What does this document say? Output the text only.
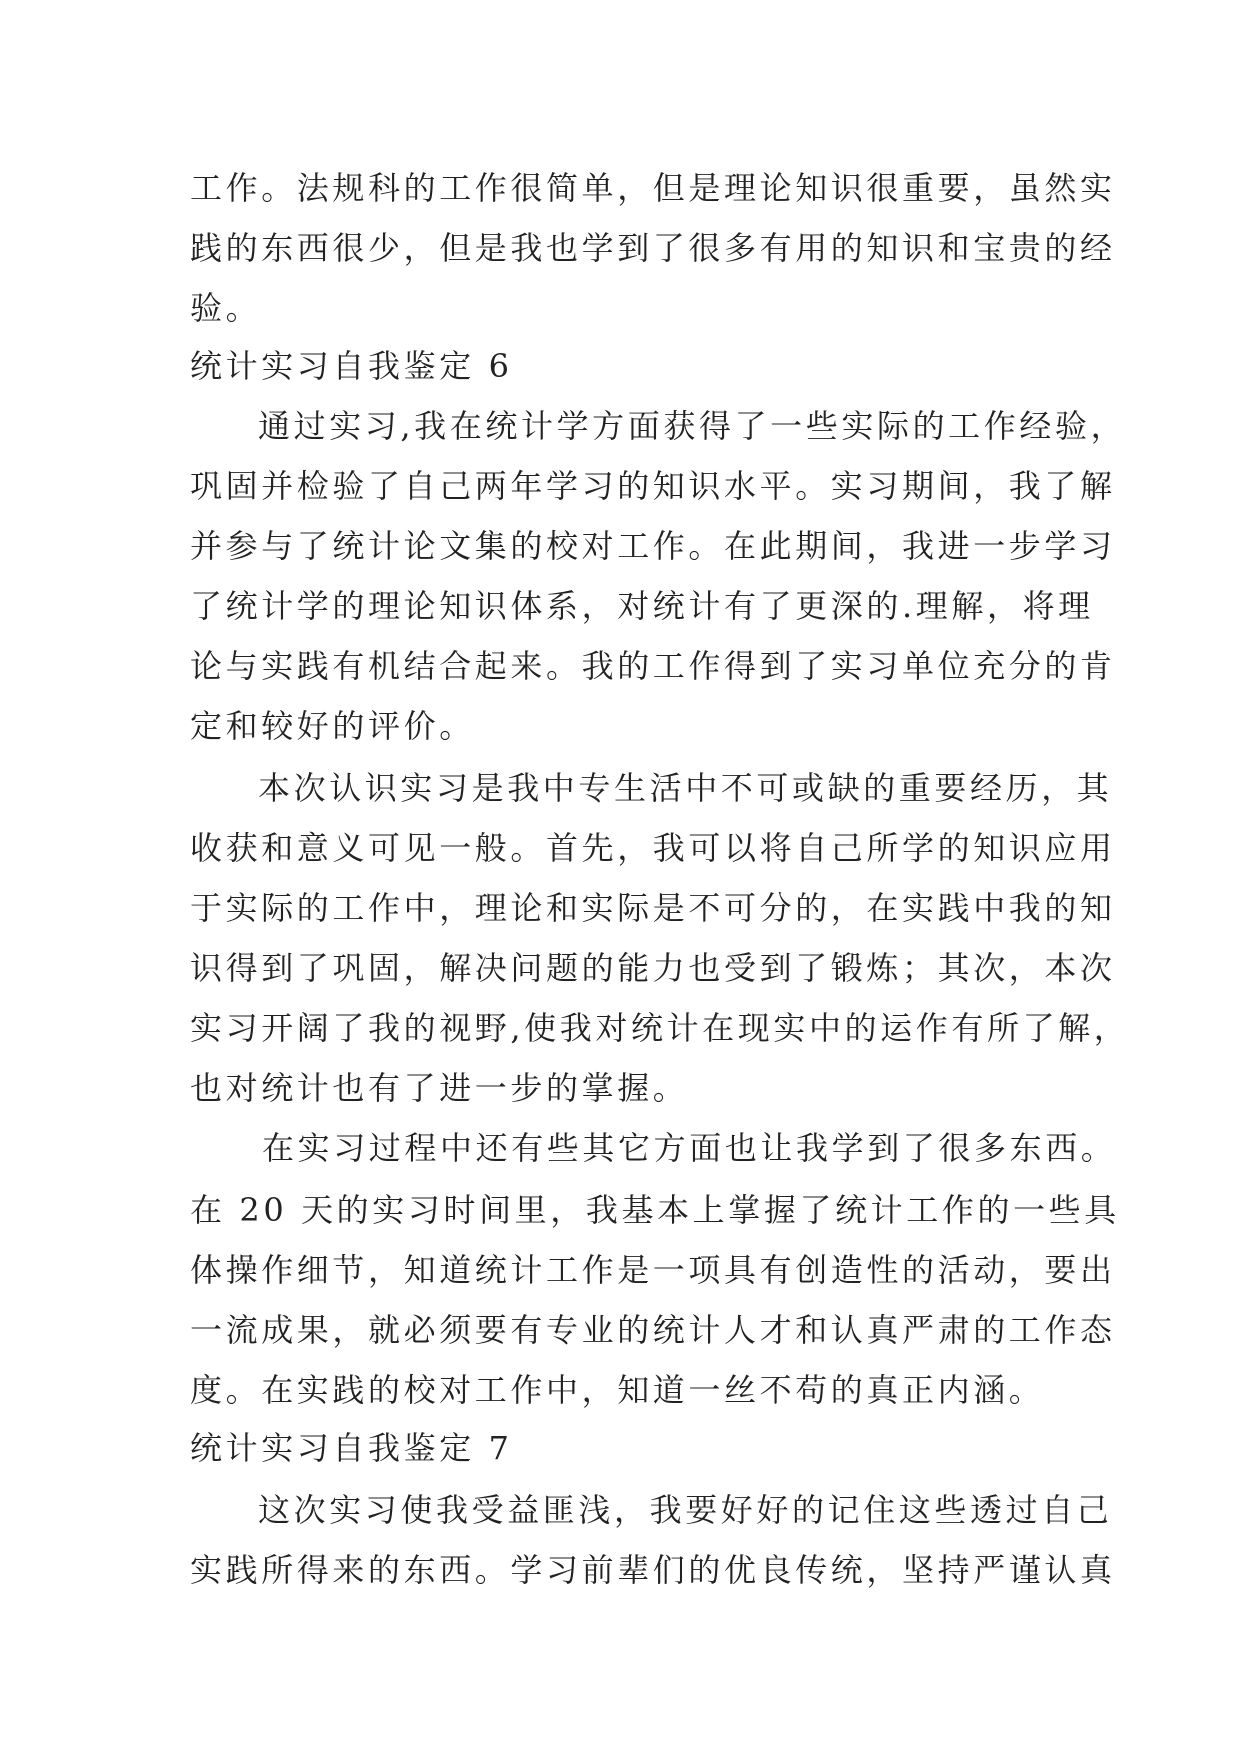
工作。法规科的工作很简单，但是理论知识很重要，虽然实
践的东西很少，但是我也学到了很多有用的知识和宝贵的经
验。
统计实习自我鉴定 6
通过实习,我在统计学方面获得了一些实际的工作经验，
巩固并检验了自己两年学习的知识水平。实习期间，我了解
并参与了统计论文集的校对工作。在此期间，我进一步学习
了统计学的理论知识体系，对统计有了更深的.理解，将理
论与实践有机结合起来。我的工作得到了实习单位充分的肯
定和较好的评价。
本次认识实习是我中专生活中不可或缺的重要经历，其
收获和意义可见一般。首先，我可以将自己所学的知识应用
于实际的工作中，理论和实际是不可分的，在实践中我的知
识得到了巩固，解决问题的能力也受到了锻炼；其次，本次
实习开阔了我的视野,使我对统计在现实中的运作有所了解，
也对统计也有了进一步的掌握。
在实习过程中还有些其它方面也让我学到了很多东西。
在 20 天的实习时间里，我基本上掌握了统计工作的一些具
体操作细节，知道统计工作是一项具有创造性的活动，要出
一流成果，就必须要有专业的统计人才和认真严肃的工作态
度。在实践的校对工作中，知道一丝不苟的真正内涵。
统计实习自我鉴定 7
这次实习使我受益匪浅，我要好好的记住这些透过自己
实践所得来的东西。学习前辈们的优良传统，坚持严谨认真
